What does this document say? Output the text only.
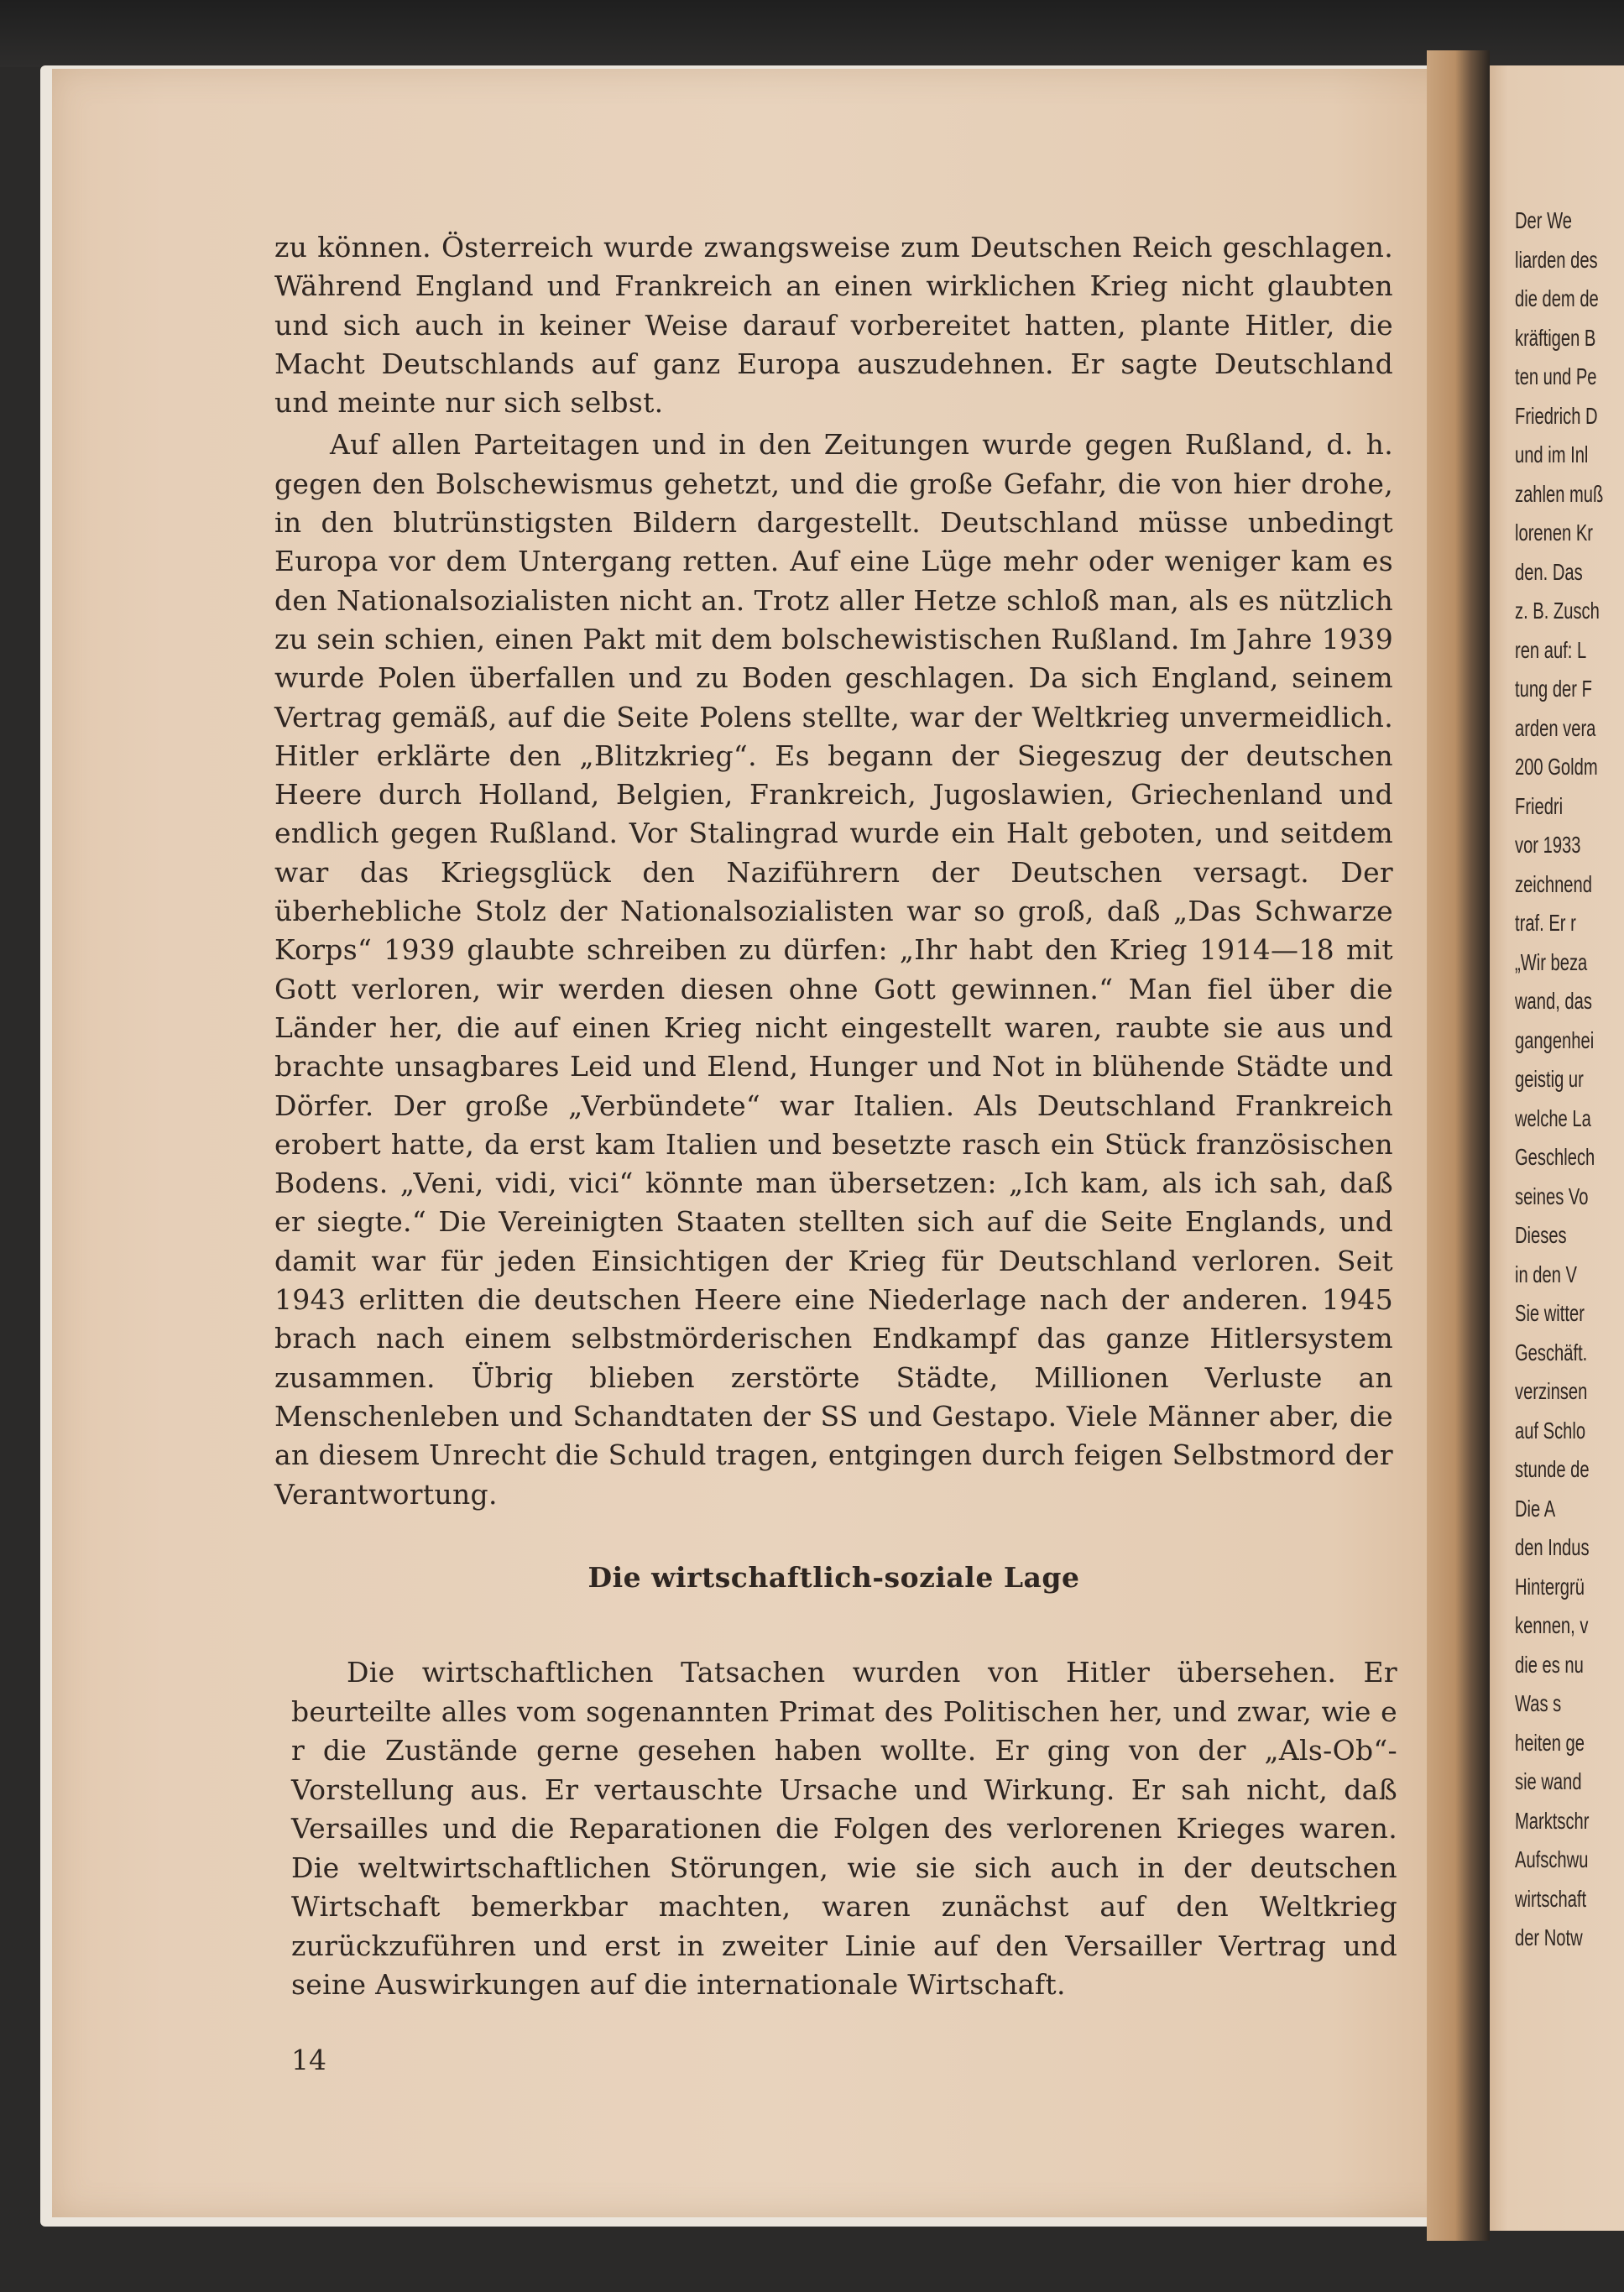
zu können. Österreich wurde zwangsweise zum Deutschen Reich geschlagen. Während England und Frankreich an einen wirklichen Krieg nicht glaubten und sich auch in keiner Weise darauf vorbereitet hatten, plante Hitler, die Macht Deutschlands auf ganz Europa auszudehnen. Er sagte Deutschland und meinte nur sich selbst.

Auf allen Parteitagen und in den Zeitungen wurde gegen Rußland, d. h. gegen den Bolschewismus gehetzt, und die große Gefahr, die von hier drohe, in den blutrünstigsten Bildern dargestellt. Deutschland müsse unbedingt Europa vor dem Untergang retten. Auf eine Lüge mehr oder weniger kam es den Nationalsozialisten nicht an. Trotz aller Hetze schloß man, als es nützlich zu sein schien, einen Pakt mit dem bolschewistischen Rußland. Im Jahre 1939 wurde Polen überfallen und zu Boden geschlagen. Da sich England, seinem Vertrag gemäß, auf die Seite Polens stellte, war der Weltkrieg unvermeidlich. Hitler erklärte den „Blitzkrieg“. Es begann der Siegeszug der deutschen Heere durch Holland, Belgien, Frankreich, Jugoslawien, Griechenland und endlich gegen Rußland. Vor Stalingrad wurde ein Halt geboten, und seitdem war das Kriegsglück den Naziführern der Deutschen versagt. Der überhebliche Stolz der Nationalsozialisten war so groß, daß „Das Schwarze Korps“ 1939 glaubte schreiben zu dürfen: „Ihr habt den Krieg 1914—18 mit Gott verloren, wir werden diesen ohne Gott gewinnen.“ Man fiel über die Länder her, die auf einen Krieg nicht eingestellt waren, raubte sie aus und brachte unsagbares Leid und Elend, Hunger und Not in blühende Städte und Dörfer. Der große „Verbündete“ war Italien. Als Deutschland Frankreich erobert hatte, da erst kam Italien und besetzte rasch ein Stück französischen Bodens. „Veni, vidi, vici“ könnte man übersetzen: „Ich kam, als ich sah, daß er siegte.“ Die Vereinigten Staaten stellten sich auf die Seite Englands, und damit war für jeden Einsichtigen der Krieg für Deutschland verloren. Seit 1943 erlitten die deutschen Heere eine Niederlage nach der anderen. 1945 brach nach einem selbstmörderischen Endkampf das ganze Hitlersystem zusammen. Übrig blieben zerstörte Städte, Millionen Verluste an Menschenleben und Schandtaten der SS und Gestapo. Viele Männer aber, die an diesem Unrecht die Schuld tragen, entgingen durch feigen Selbstmord der Verantwortung.

Die wirtschaftlich-soziale Lage

Die wirtschaftlichen Tatsachen wurden von Hitler übersehen. Er beurteilte alles vom sogenannten Primat des Politischen her, und zwar, wie e r die Zustände gerne gesehen haben wollte. Er ging von der „Als-Ob“-Vorstellung aus. Er vertauschte Ursache und Wirkung. Er sah nicht, daß Versailles und die Reparationen die Folgen des verlorenen Krieges waren. Die weltwirtschaftlichen Störungen, wie sie sich auch in der deutschen Wirtschaft bemerkbar machten, waren zunächst auf den Weltkrieg zurückzuführen und erst in zweiter Linie auf den Versailler Vertrag und seine Auswirkungen auf die internationale Wirtschaft.

14
Der We
liarden des
die dem de
kräftigen B
ten und Pe
Friedrich D
und im Inl
zahlen muß
lorenen Kr
den. Das
z. B. Zusch
ren auf: L
tung der F
arden vera
200 Goldm
Friedri
vor 1933
zeichnend
traf. Er r
„Wir beza
wand, das
gangenhei
geistig ur
welche La
Geschlech
seines Vo
Dieses
in den V
Sie witter
Geschäft.
verzinsen
auf Schlo
stunde de
Die A
den Indus
Hintergrü
kennen, v
die es nu
Was s
heiten ge
sie wand
Marktschr
Aufschwu
wirtschaft
der Notw
